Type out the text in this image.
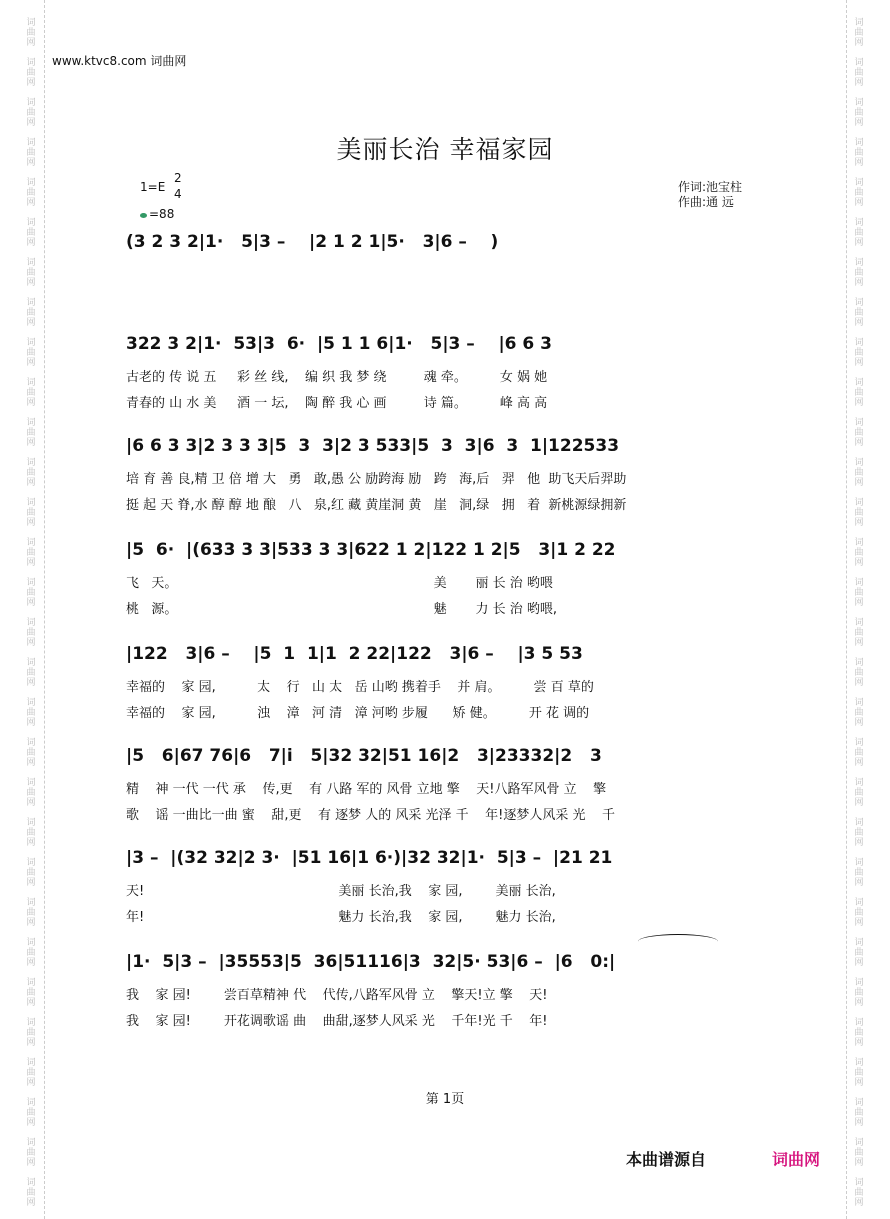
词
曲
网

词
曲
网

词
曲
网

词
曲
网

词
曲
网

词
曲
网

词
曲
网

词
曲
网

词
曲
网

词
曲
网

词
曲
网

词
曲
网

词
曲
网

词
曲
网

词
曲
网

词
曲
网

词
曲
网

词
曲
网

词
曲
网

词
曲
网

词
曲
网

词
曲
网

词
曲
网

词
曲
网

词
曲
网

词
曲
网

词
曲
网

词
曲
网

词
曲
网

词
曲
网
词
曲
网

词
曲
网

词
曲
网

词
曲
网

词
曲
网

词
曲
网

词
曲
网

词
曲
网

词
曲
网

词
曲
网

词
曲
网

词
曲
网

词
曲
网

词
曲
网

词
曲
网

词
曲
网

词
曲
网

词
曲
网

词
曲
网

词
曲
网

词
曲
网

词
曲
网

词
曲
网

词
曲
网

词
曲
网

词
曲
网

词
曲
网

词
曲
网

词
曲
网

词
曲
网
www.ktvc8.com 词曲网
美丽长治 幸福家园
1=E
2
4
=88
作词:池宝柱
作曲:通 远
(3 2 3 2|1·   5|3 –    |2 1 2 1|5·   3|6 –    )
322 3 2|1·  53|3  6·  |5 1 1 6|1·   5|3 –    |6 6 3
古老的 传 说 五     彩 丝 线,    编 织 我 梦 绕         魂 牵。        女 娲 她
青春的 山 水 美     酒 一 坛,    陶 醉 我 心 画         诗 篇。        峰 高 高
|6 6 3 3|2 3 3 3|5  3  3|2 3 533|5  3  3|6  3  1|122533
培 育 善 良,精 卫 倍 增 大   勇   敢,愚 公 励跨海 励   跨   海,后   羿   他  助飞天后羿助
挺 起 天 脊,水 醇 醇 地 酿   八   泉,红 藏 黄崖洞 黄   崖   洞,绿   拥   着  新桃源绿拥新
|5  6·  |(633 3 3|533 3 3|622 1 2|122 1 2|5   3|1 2 22
飞   天。                                                              美       丽 长 治 哟喂
桃   源。                                                              魅       力 长 治 哟喂,
|122   3|6 –    |5  1  1|1  2 22|122   3|6 –    |3 5 53
幸福的    家 园,          太    行   山 太   岳 山哟 携着手    并 肩。        尝 百 草的
幸福的    家 园,          浊    漳   河 清   漳 河哟 步履      矫 健。        开 花 调的
|5   6|67 76|6   7|i   5|32 32|51 16|2   3|23332|2   3
精    神 一代 一代 承    传,更    有 八路 军的 风骨 立地 擎    天!八路军风骨 立    擎
歌    谣 一曲比一曲 蜜    甜,更    有 逐梦 人的 风采 光泽 千    年!逐梦人风采 光    千
|3 –  |(32 32|2 3·  |51 16|1 6·)|32 32|1·  5|3 –  |21 21
天!                                               美丽 长治,我    家 园,        美丽 长治,
年!                                               魅力 长治,我    家 园,        魅力 长治,
|1·  5|3 –  |35553|5  36|51116|3  32|5· 53|6 –  |6   0:|
我    家 园!        尝百草精神 代    代传,八路军风骨 立    擎天!立 擎    天!
我    家 园!        开花调歌谣 曲    曲甜,逐梦人风采 光    千年!光 千    年!
第 1页
本曲谱源自	词曲网
